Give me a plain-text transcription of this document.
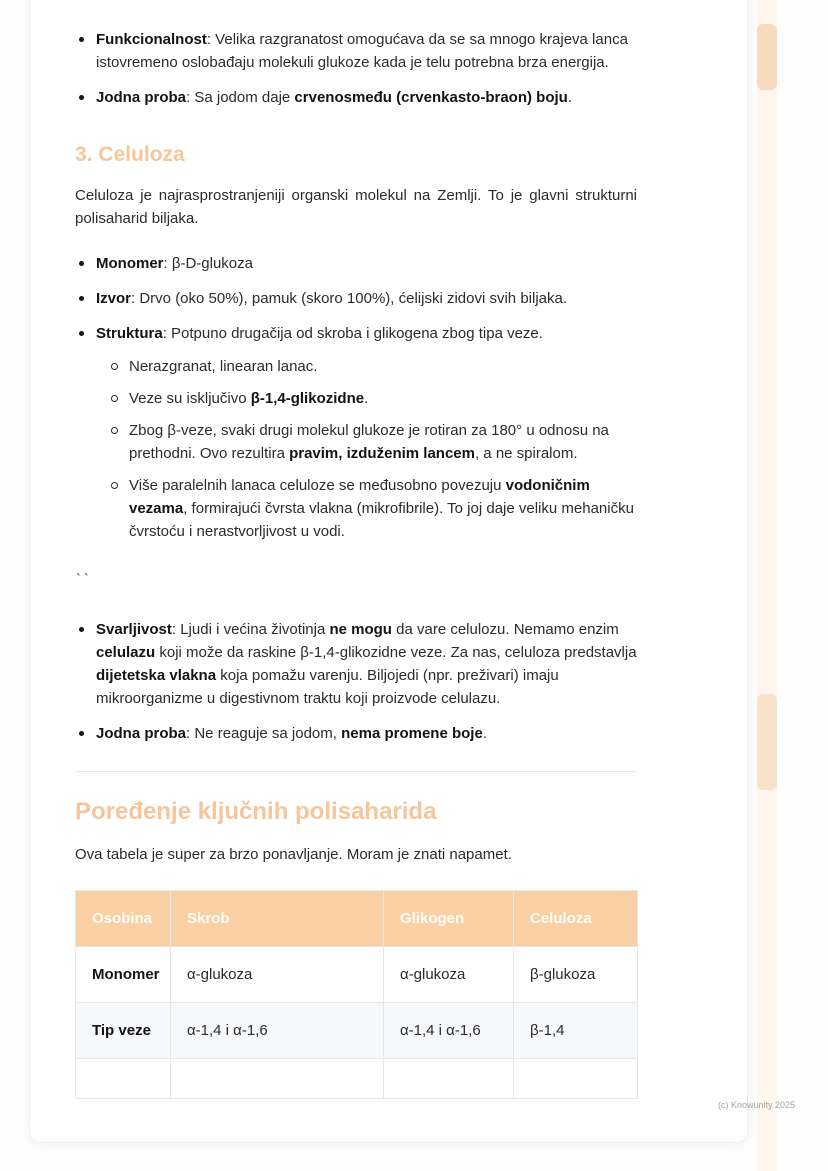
Funkcionalnost: Velika razgranatost omogućava da se sa mnogo krajeva lanca istovremeno oslobađaju molekuli glukoze kada je telu potrebna brza energija.
Jodna proba: Sa jodom daje crvenosmeđu (crvenkasto-braon) boju.
3. Celuloza

Celuloza je najrasprostranjeniji organski molekul na Zemlji. To je glavni strukturni polisaharid biljaka.

Monomer: β-D-glukoza
Izvor: Drvo (oko 50%), pamuk (skoro 100%), ćelijski zidovi svih biljaka.
Struktura: Potpuno drugačija od skroba i glikogena zbog tipa veze.
Nerazgranat, linearan lanac.
Veze su isključivo β-1,4-glikozidne.
Zbog β-veze, svaki drugi molekul glukoze je rotiran za 180° u odnosu na prethodni. Ovo rezultira pravim, izduženim lancem, a ne spiralom.
Više paralelnih lanaca celuloze se međusobno povezuju vodoničnim vezama, formirajući čvrsta vlakna (mikrofibrile). To joj daje veliku mehaničku čvrstoću i nerastvorljivost u vodi.
``
Svarljivost: Ljudi i većina životinja ne mogu da vare celulozu. Nemamo enzim celulazu koji može da raskine β-1,4-glikozidne veze. Za nas, celuloza predstavlja dijetetska vlakna koja pomažu varenju. Biljojedi (npr. preživari) imaju mikroorganizme u digestivnom traktu koji proizvode celulazu.
Jodna proba: Ne reaguje sa jodom, nema promene boje.
Poređenje ključnih polisaharida

Ova tabela je super za brzo ponavljanje. Moram je znati napamet.

Osobina	Skrob	Glikogen	Celuloza
Monomer	α-glukoza	α-glukoza	β-glukoza
Tip veze	α-1,4 i α-1,6	α-1,4 i α-1,6	β-1,4

(c) Knowunity 2025
